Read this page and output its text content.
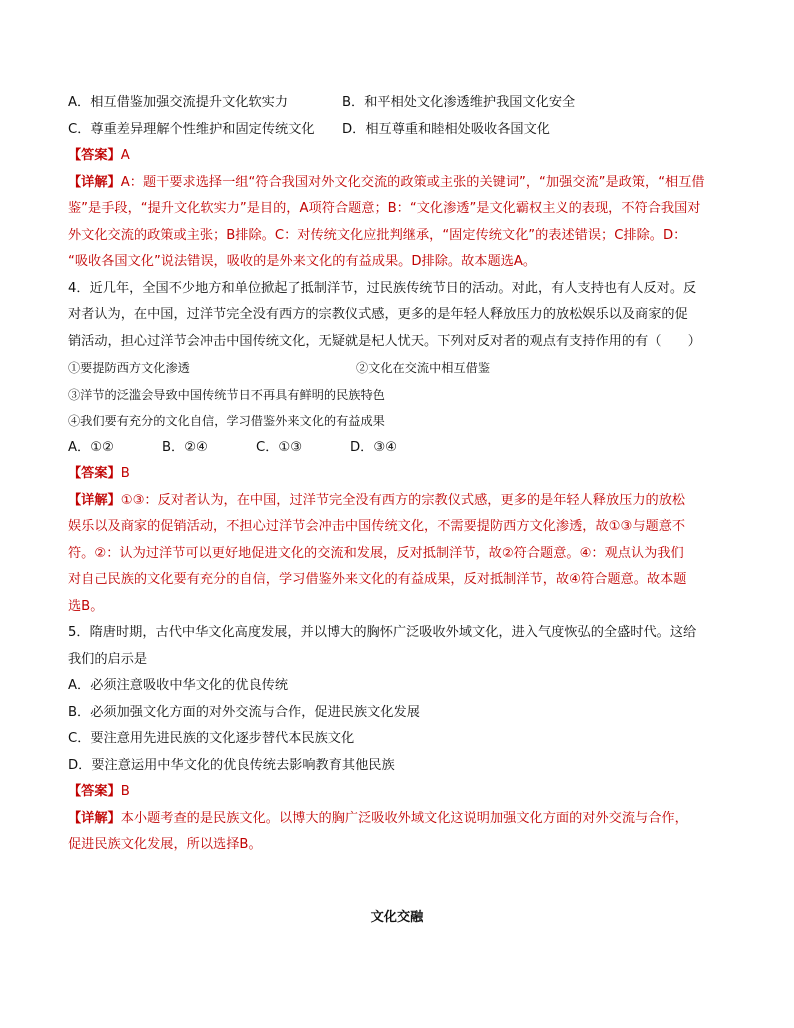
A．相互借鉴加强交流提升文化软实力	B．和平相处文化渗透维护我国文化安全
C．尊重差异理解个性维护和固定传统文化	D．相互尊重和睦相处吸收各国文化
【答案】A
【详解】A：题干要求选择一组“符合我国对外文化交流的政策或主张的关键词”，“加强交流”是政策，“相互借
鉴”是手段，“提升文化软实力”是目的，A项符合题意；B：“文化渗透”是文化霸权主义的表现，不符合我国对
外文化交流的政策或主张；B排除。C：对传统文化应批判继承，“固定传统文化”的表述错误；C排除。D：
“吸收各国文化”说法错误，吸收的是外来文化的有益成果。D排除。故本题选A。
4．近几年，全国不少地方和单位掀起了抵制洋节，过民族传统节日的活动。对此，有人支持也有人反对。反
对者认为，在中国，过洋节完全没有西方的宗教仪式感，更多的是年轻人释放压力的放松娱乐以及商家的促
销活动，担心过洋节会冲击中国传统文化，无疑就是杞人忧天。下列对反对者的观点有支持作用的有（　　）
①要提防西方文化渗透	②文化在交流中相互借鉴
③洋节的泛滥会导致中国传统节日不再具有鲜明的民族特色
④我们要有充分的文化自信，学习借鉴外来文化的有益成果
A．①②	B．②④	C．①③	D．③④
【答案】B
【详解】①③：反对者认为，在中国，过洋节完全没有西方的宗教仪式感，更多的是年轻人释放压力的放松
娱乐以及商家的促销活动，不担心过洋节会冲击中国传统文化，不需要提防西方文化渗透，故①③与题意不
符。②：认为过洋节可以更好地促进文化的交流和发展，反对抵制洋节，故②符合题意。④：观点认为我们
对自己民族的文化要有充分的自信，学习借鉴外来文化的有益成果，反对抵制洋节，故④符合题意。故本题
选B。
5．隋唐时期，古代中华文化高度发展，并以博大的胸怀广泛吸收外域文化，进入气度恢弘的全盛时代。这给
我们的启示是
A．必须注意吸收中华文化的优良传统
B．必须加强文化方面的对外交流与合作，促进民族文化发展
C．要注意用先进民族的文化逐步替代本民族文化
D．要注意运用中华文化的优良传统去影响教育其他民族
【答案】B
【详解】本小题考查的是民族文化。以博大的胸广泛吸收外域文化这说明加强文化方面的对外交流与合作，
促进民族文化发展，所以选择B。
文化交融
